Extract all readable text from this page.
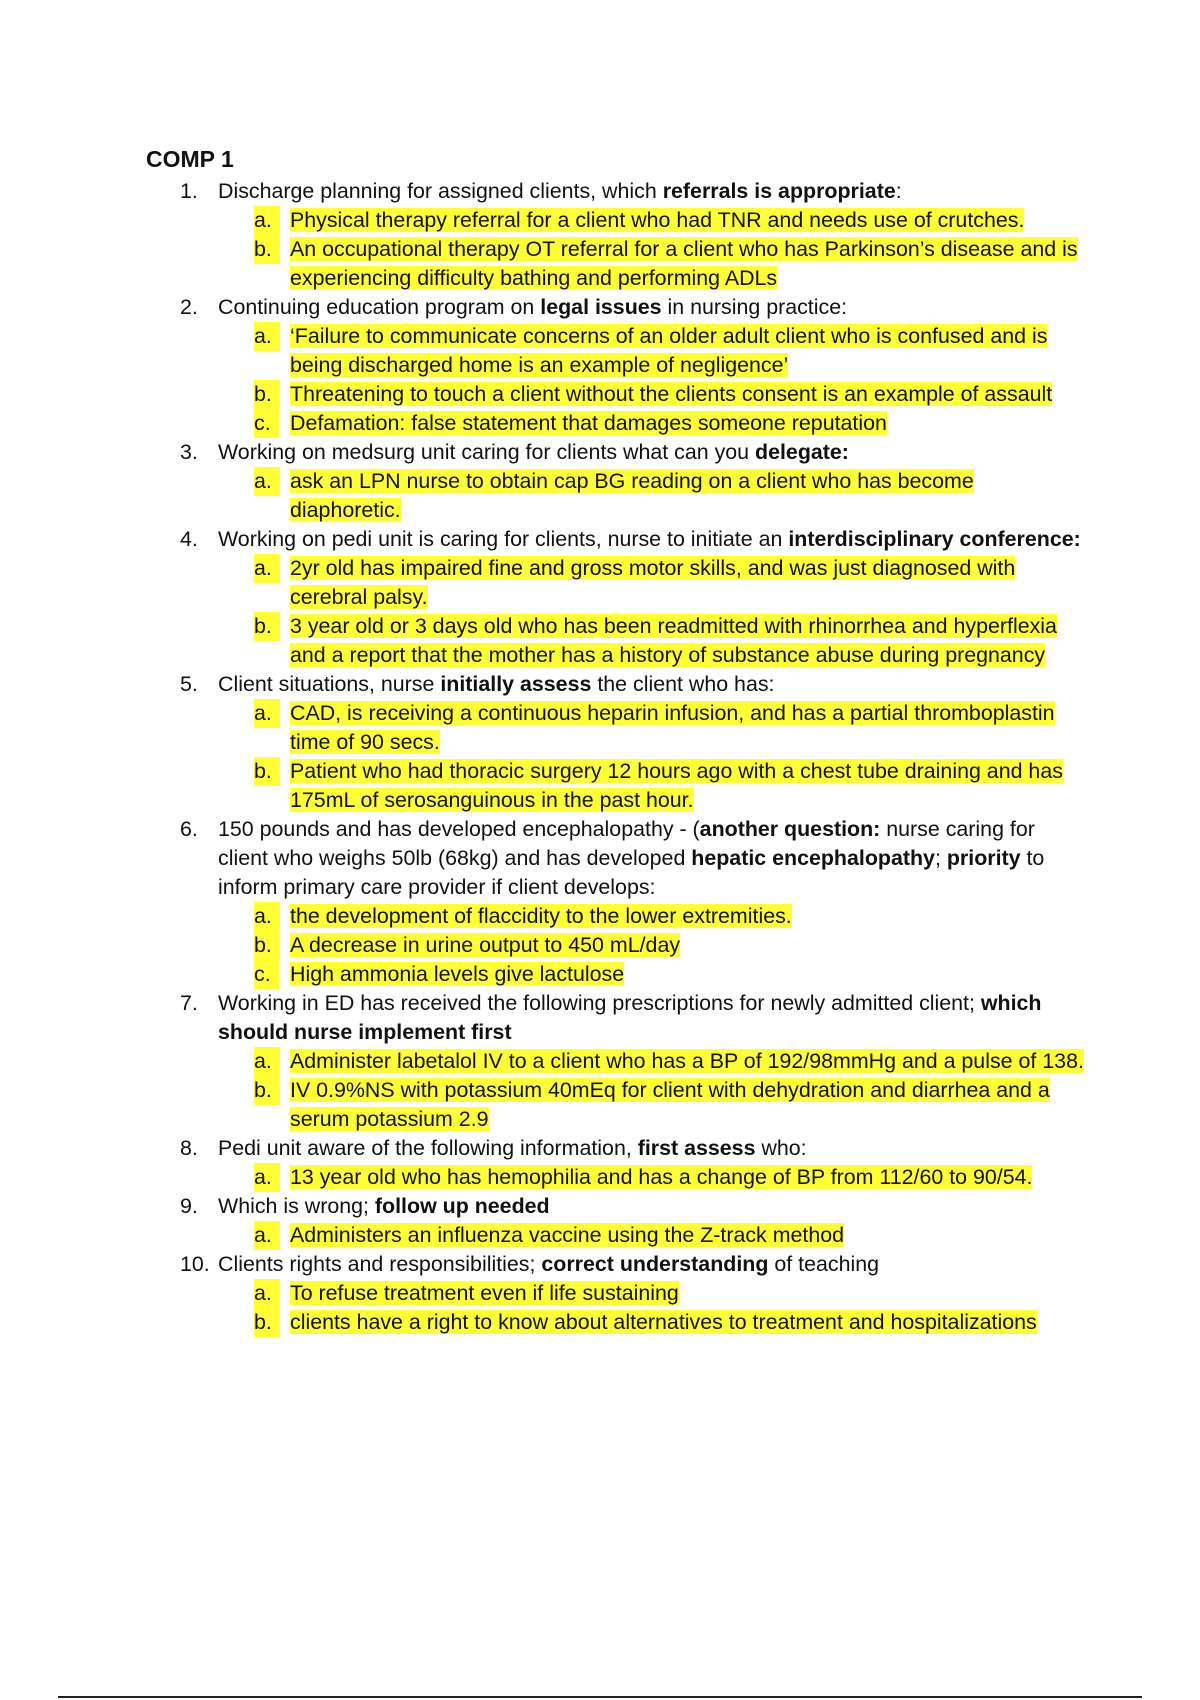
COMP 1
1. Discharge planning for assigned clients, which referrals is appropriate:
a. Physical therapy referral for a client who had TNR and needs use of crutches.
b. An occupational therapy OT referral for a client who has Parkinson’s disease and is experiencing difficulty bathing and performing ADLs
2. Continuing education program on legal issues in nursing practice:
a. ‘Failure to communicate concerns of an older adult client who is confused and is being discharged home is an example of negligence’
b. Threatening to touch a client without the clients consent is an example of assault
c. Defamation: false statement that damages someone reputation
3. Working on medsurg unit caring for clients what can you delegate:
a. ask an LPN nurse to obtain cap BG reading on a client who has become diaphoretic.
4. Working on pedi unit is caring for clients, nurse to initiate an interdisciplinary conference:
a. 2yr old has impaired fine and gross motor skills, and was just diagnosed with cerebral palsy.
b. 3 year old or 3 days old who has been readmitted with rhinorrhea and hyperflexia and a report that the mother has a history of substance abuse during pregnancy
5. Client situations, nurse initially assess the client who has:
a. CAD, is receiving a continuous heparin infusion, and has a partial thromboplastin time of 90 secs.
b. Patient who had thoracic surgery 12 hours ago with a chest tube draining and has 175mL of serosanguinous in the past hour.
6. 150 pounds and has developed encephalopathy - (another question: nurse caring for client who weighs 50lb (68kg) and has developed hepatic encephalopathy; priority to inform primary care provider if client develops:
a. the development of flaccidity to the lower extremities.
b. A decrease in urine output to 450 mL/day
c. High ammonia levels give lactulose
7. Working in ED has received the following prescriptions for newly admitted client; which should nurse implement first
a. Administer labetalol IV to a client who has a BP of 192/98mmHg and a pulse of 138.
b. IV 0.9%NS with potassium 40mEq for client with dehydration and diarrhea and a serum potassium 2.9
8. Pedi unit aware of the following information, first assess who:
a. 13 year old who has hemophilia and has a change of BP from 112/60 to 90/54.
9. Which is wrong; follow up needed
a. Administers an influenza vaccine using the Z-track method
10. Clients rights and responsibilities; correct understanding of teaching
a. To refuse treatment even if life sustaining
b. clients have a right to know about alternatives to treatment and hospitalizations
